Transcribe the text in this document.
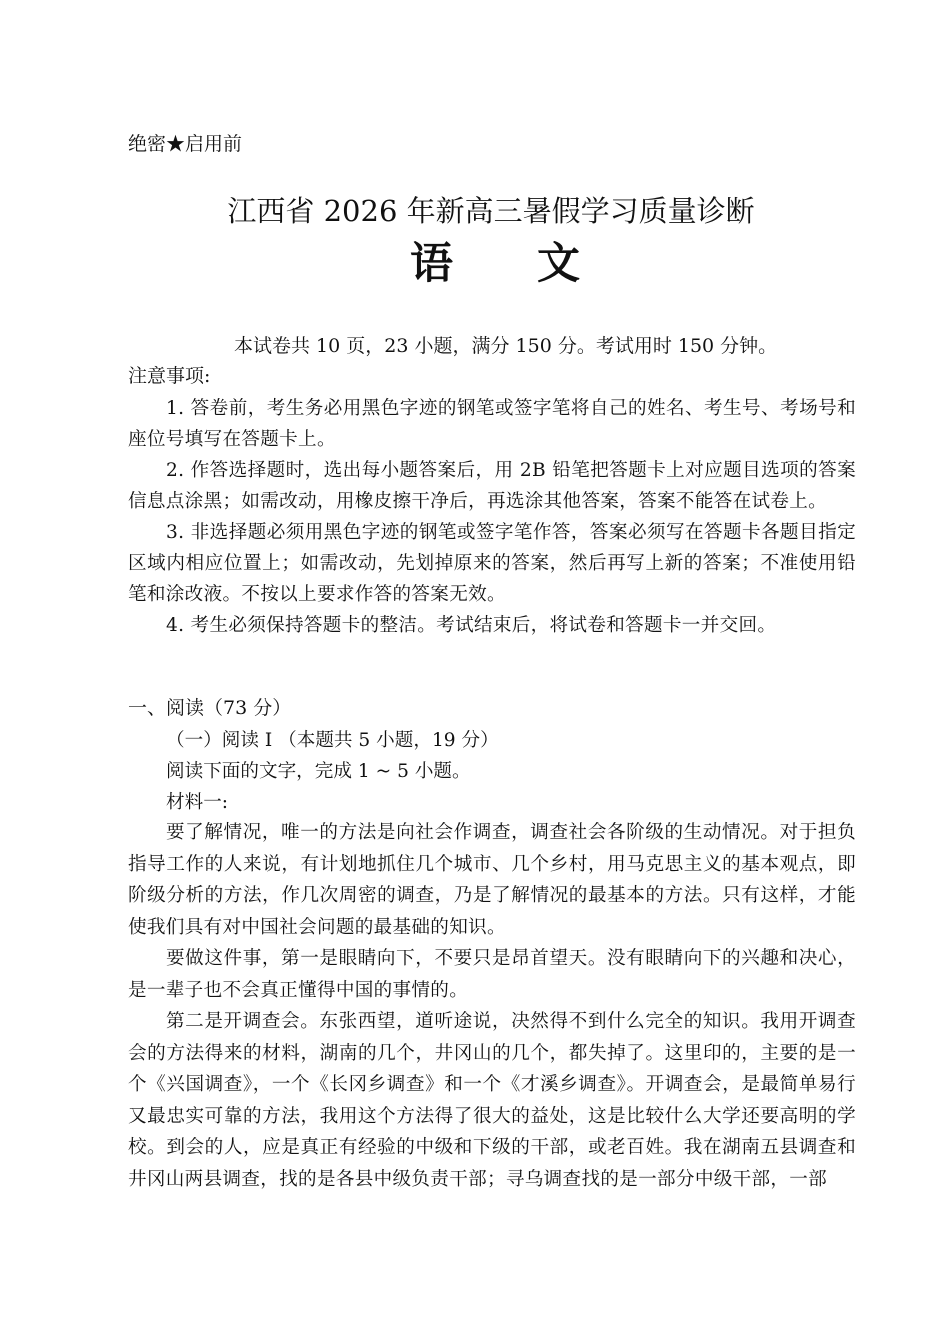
绝密★启用前
江西省 2026 年新高三暑假学习质量诊断
语　文
本试卷共 10 页，23 小题，满分 150 分。考试用时 150 分钟。
注意事项:

1. 答卷前，考生务必用黑色字迹的钢笔或签字笔将自己的姓名、考生号、考场号和座位号填写在答题卡上。

2. 作答选择题时，选出每小题答案后，用 2B 铅笔把答题卡上对应题目选项的答案信息点涂黑；如需改动，用橡皮擦干净后，再选涂其他答案，答案不能答在试卷上。

3. 非选择题必须用黑色字迹的钢笔或签字笔作答，答案必须写在答题卡各题目指定区域内相应位置上；如需改动，先划掉原来的答案，然后再写上新的答案；不准使用铅笔和涂改液。不按以上要求作答的答案无效。

4. 考生必须保持答题卡的整洁。考试结束后，将试卷和答题卡一并交回。

一、阅读（73 分）

（一）阅读 I （本题共 5 小题，19 分）

阅读下面的文字，完成 1 ~ 5 小题。

材料一:

要了解情况，唯一的方法是向社会作调查，调查社会各阶级的生动情况。对于担负指导工作的人来说，有计划地抓住几个城市、几个乡村，用马克思主义的基本观点，即阶级分析的方法，作几次周密的调查，乃是了解情况的最基本的方法。只有这样，才能使我们具有对中国社会问题的最基础的知识。

要做这件事，第一是眼睛向下，不要只是昂首望天。没有眼睛向下的兴趣和决心，是一辈子也不会真正懂得中国的事情的。

第二是开调查会。东张西望，道听途说，决然得不到什么完全的知识。我用开调查会的方法得来的材料，湖南的几个，井冈山的几个，都失掉了。这里印的，主要的是一个《兴国调查》，一个《长冈乡调查》和一个《才溪乡调查》。开调查会，是最简单易行又最忠实可靠的方法，我用这个方法得了很大的益处，这是比较什么大学还要高明的学校。到会的人，应是真正有经验的中级和下级的干部，或老百姓。我在湖南五县调查和井冈山两县调查，找的是各县中级负责干部；寻乌调查找的是一部分中级干部，一部
